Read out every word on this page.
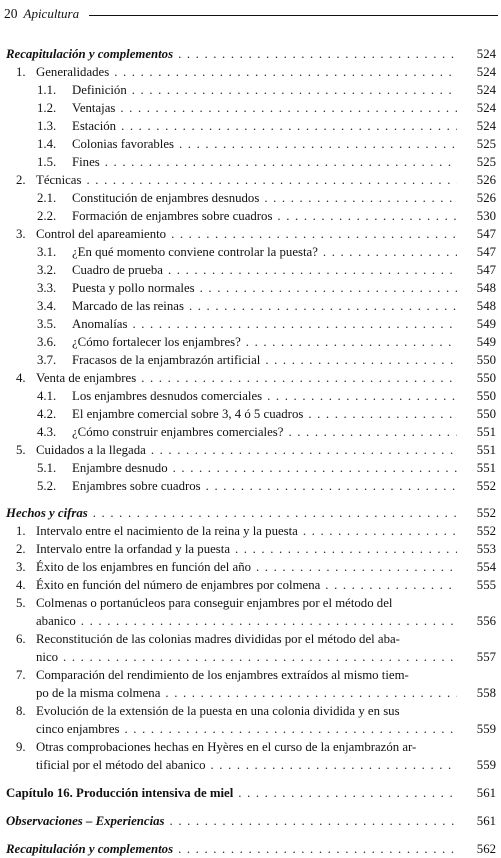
20 Apicultura
Recapitulación y complementos . . .	524
1. Generalidades . . .	524
1.1. Definición . . .	524
1.2. Ventajas . . .	524
1.3. Estación . . .	524
1.4. Colonias favorables . . .	525
1.5. Fines . . .	525
2. Técnicas . . .	526
2.1. Constitución de enjambres desnudos . . .	526
2.2. Formación de enjambres sobre cuadros . . .	530
3. Control del apareamiento . . .	547
3.1. ¿En qué momento conviene controlar la puesta? . . .	547
3.2. Cuadro de prueba . . .	547
3.3. Puesta y pollo normales . . .	548
3.4. Marcado de las reinas . . .	548
3.5. Anomalías . . .	549
3.6. ¿Cómo fortalecer los enjambres? . . .	549
3.7. Fracasos de la enjambrazón artificial . . .	550
4. Venta de enjambres . . .	550
4.1. Los enjambres desnudos comerciales . . .	550
4.2. El enjambre comercial sobre 3, 4 ó 5 cuadros . . .	550
4.3. ¿Cómo construir enjambres comerciales? . . .	551
5. Cuidados a la llegada . . .	551
5.1. Enjambre desnudo . . .	551
5.2. Enjambres sobre cuadros . . .	552
Hechos y cifras . . .	552
1. Intervalo entre el nacimiento de la reina y la puesta . . .	552
2. Intervalo entre la orfandad y la puesta . . .	553
3. Éxito de los enjambres en función del año . . .	554
4. Éxito en función del número de enjambres por colmena . . .	555
5. Colmenas o portanúcleos para conseguir enjambres por el método del
abanico . . .	556
6. Reconstitución de las colonias madres divididas por el método del aba-
nico . . .	557
7. Comparación del rendimiento de los enjambres extraídos al mismo tiem-
po de la misma colmena . . .	558
8. Evolución de la extensión de la puesta en una colonia dividida y en sus
cinco enjambres . . .	559
9. Otras comprobaciones hechas en Hyères en el curso de la enjambrazón ar-
tificial por el método del abanico . . .	559
Capítulo 16. Producción intensiva de miel . . .	561
Observaciones – Experiencias . . .	561
Recapitulación y complementos . . .	562
